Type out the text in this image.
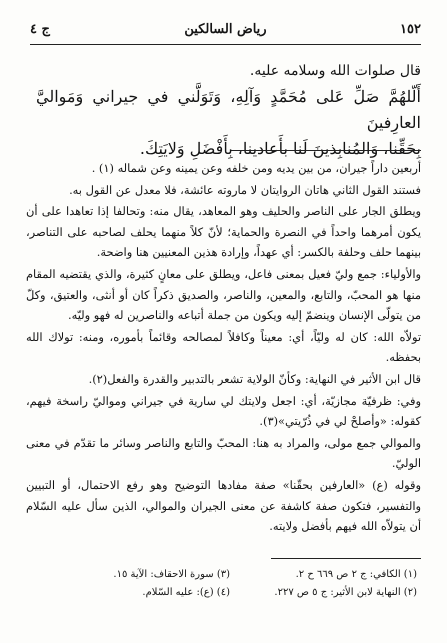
١٥٢
رياض السالكين
ج ٤

قال صلوات الله وسلامه عليه.

أَلّلهُمَّ صَلِّ عَلى مُحَمَّدٍ وَآلِهِ، وَتَوَلَّني في جيراني وَمَواليَّ العارِفينَ

بِحَقِّنا، وَالمُنابِذينَ لَنا بأَعادينا، بِأَفْضَلِ وَلايَتِكَ.

أربعين داراً جيران، من بين يديه ومن خلفه وعن يمينه وعن شماله (١) .

فستند القول الثاني هاتان الروايتان لا ماروته عائشة، فلا معدل عن القول به.

ويطلق الجار على الناصر والحليف وهو المعاهد، يقال منه: وتحالفا إذا تعاهدا على أن يكون أمرهما واحداً في النصرة والحماية؛ لأنّ كلاً منهما يحلف لصاحبه على التناصر، بينهما حلف وحلفة بالكسر: أي عهداً، وإرادة هذين المعنيين هنا واضحة.

والأولياء: جمع وليّ فعيل بمعنى فاعل، ويطلق على معانٍ كثيرة، والذي يقتضيه المقام منها هو المحبّ، والتابع، والمعين، والناصر، والصديق ذكراً كان أو أنثى، والعتيق، وكلّ من يتولّى الإنسان وينضمّ إليه ويكون من جملة أتباعه والناصرين له فهو وليّه.

تولاّه الله: كان له وليّاً، أي: معيناً وكافلاً لمصالحه وقائماً بأموره، ومنه: تولاك الله بحفظه.

قال ابن الأثير في النهاية: وكأنّ الولاية تشعر بالتدبير والقدرة والفعل(٢).

وفي: ظرفيّة مجازيّة، أي: اجعل ولايتك لي سارية في جيراني ومواليّ راسخة فيهم، كقوله: «وأصلحْ لي في ذُرّيتي»(٣).

والموالي جمع مولى، والمراد به هنا: المحبّ والتابع والناصر وسائر ما تقدّم في معنى الوليّ.

وقوله (ع) «العارفين بحقّنا» صفة مفادها التوضيح وهو رفع الاحتمال، أو التبيين والتفسير، فتكون صفة كاشفة عن معنى الجيران والموالي، الذين سأل عليه السّلام أن يتولاّه الله فيهم بأفضل ولايته.

(١) الكافي: ج ٢ ص ٦٦٩ ح ٢.
(٢) النهاية لابن الأثير: ج ٥ ص ٢٢٧.
(٣) سورة الاحقاف: الآية ١٥.
(٤) (ع): عليه السّلام.
